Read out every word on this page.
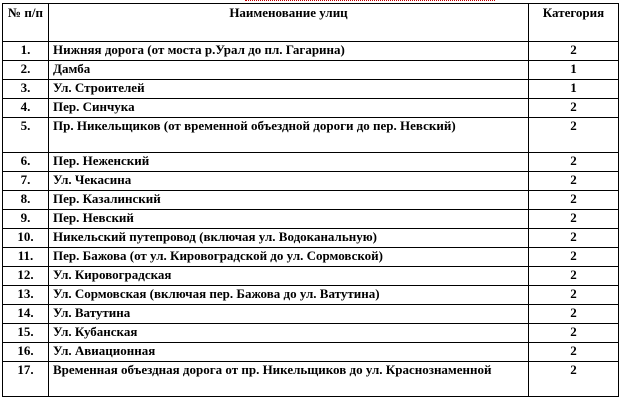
№ п/п	Наименование улиц	Категория
1.	Нижняя дорога (от моста р.Урал до пл. Гагарина)	2
2.	Дамба	1
3.	Ул. Строителей	1
4.	Пер. Синчука	2
5.	Пр. Никельщиков (от временной объездной дороги до пер. Невский)	2
6.	Пер. Неженский	2
7.	Ул. Чекасина	2
8.	Пер. Казалинский	2
9.	Пер. Невский	2
10.	Никельский путепровод (включая ул. Водоканальную)	2
11.	Пер. Бажова (от ул. Кировоградской до ул. Сормовской)	2
12.	Ул. Кировоградская	2
13.	Ул. Сормовская (включая пер. Бажова до ул. Ватутина)	2
14.	Ул. Ватутина	2
15.	Ул. Кубанская	2
16.	Ул. Авиационная	2
17.	Временная объездная дорога от пр. Никельщиков до ул. Краснознаменной	2
